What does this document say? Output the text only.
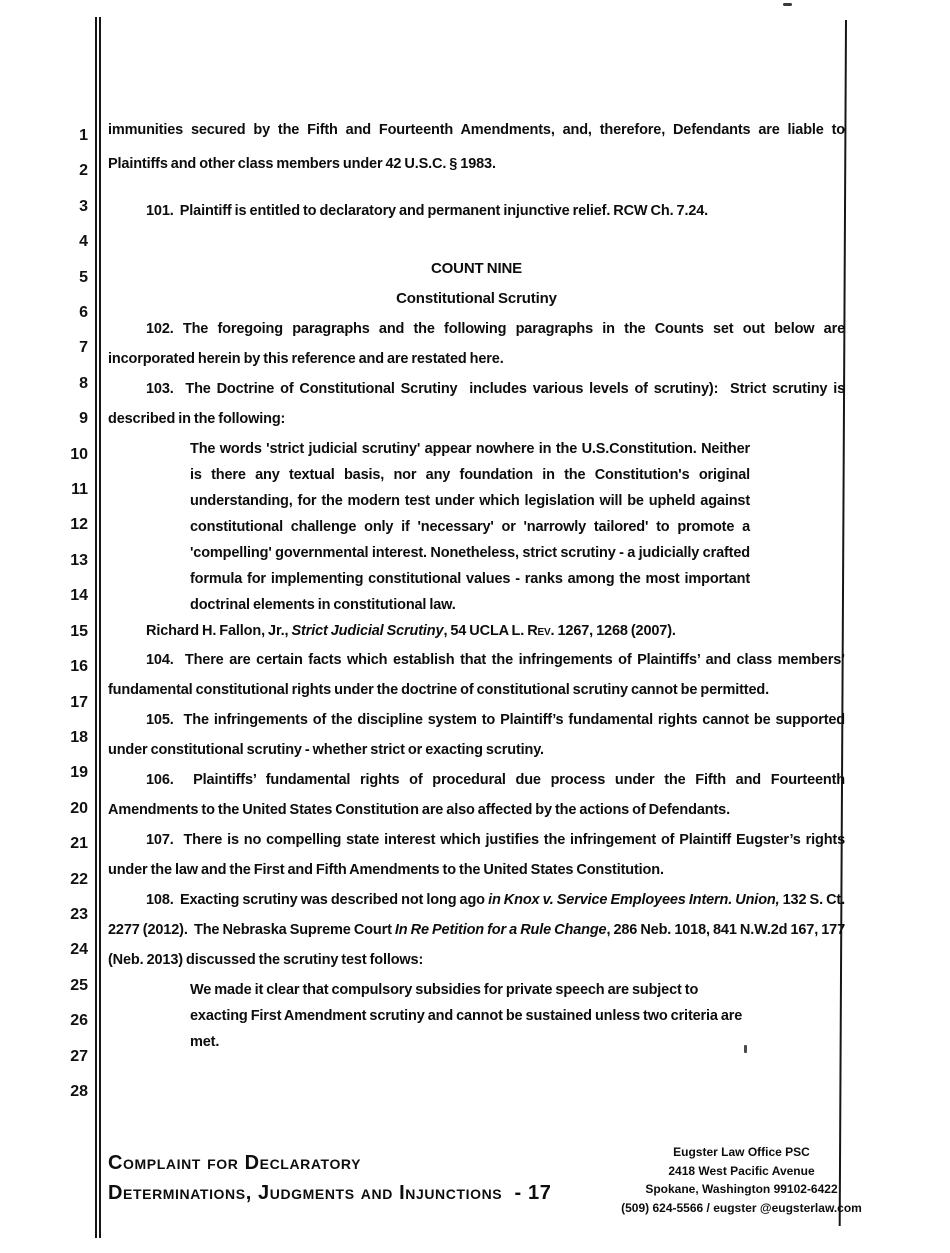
1
2
3
4
5
6
7
8
9
10
11
12
13
14
15
16
17
18
19
20
21
22
23
24
25
26
27
28

immunities secured by the Fifth and Fourteenth Amendments, and, therefore, Defendants are liable to Plaintiffs and other class members under 42 U.S.C. § 1983.

101.  Plaintiff is entitled to declaratory and permanent injunctive relief. RCW Ch. 7.24.

COUNT NINE
Constitutional Scrutiny

102. The foregoing paragraphs and the following paragraphs in the Counts set out below are incorporated herein by this reference and are restated here.

103.  The Doctrine of Constitutional Scrutiny  includes various levels of scrutiny):  Strict scrutiny is described in the following:

The words 'strict judicial scrutiny' appear nowhere in the U.S.Constitution. Neither is there any textual basis, nor any foundation in the Constitution's original understanding, for the modern test under which legislation will be upheld against constitutional challenge only if 'necessary' or 'narrowly tailored' to promote a 'compelling' governmental interest. Nonetheless, strict scrutiny - a judicially crafted formula for implementing constitutional values - ranks among the most important doctrinal elements in constitutional law.

Richard H. Fallon, Jr., Strict Judicial Scrutiny, 54 UCLA L. Rev. 1267, 1268 (2007).

104.  There are certain facts which establish that the infringements of Plaintiffs’ and class members’ fundamental constitutional rights under the doctrine of constitutional scrutiny cannot be permitted.

105.  The infringements of the discipline system to Plaintiff’s fundamental rights cannot be supported under constitutional scrutiny - whether strict or exacting scrutiny.

106.  Plaintiffs’ fundamental rights of procedural due process under the Fifth and Fourteenth Amendments to the United States Constitution are also affected by the actions of Defendants.

107.  There is no compelling state interest which justifies the infringement of Plaintiff Eugster’s rights under the law and the First and Fifth Amendments to the United States Constitution.

108.  Exacting scrutiny was described not long ago in Knox v. Service Employees Intern. Union, 132 S. Ct. 2277 (2012).  The Nebraska Supreme Court In Re Petition for a Rule Change, 286 Neb. 1018, 841 N.W.2d 167, 177 (Neb. 2013) discussed the scrutiny test follows:

We made it clear that compulsory subsidies for private speech are subject to exacting First Amendment scrutiny and cannot be sustained unless two criteria are met.
Complaint for Declaratory
Determinations, Judgments and Injunctions  - 17
Eugster Law Office PSC
2418 West Pacific Avenue
Spokane, Washington 99102-6422
(509) 624-5566 / eugster @eugsterlaw.com
